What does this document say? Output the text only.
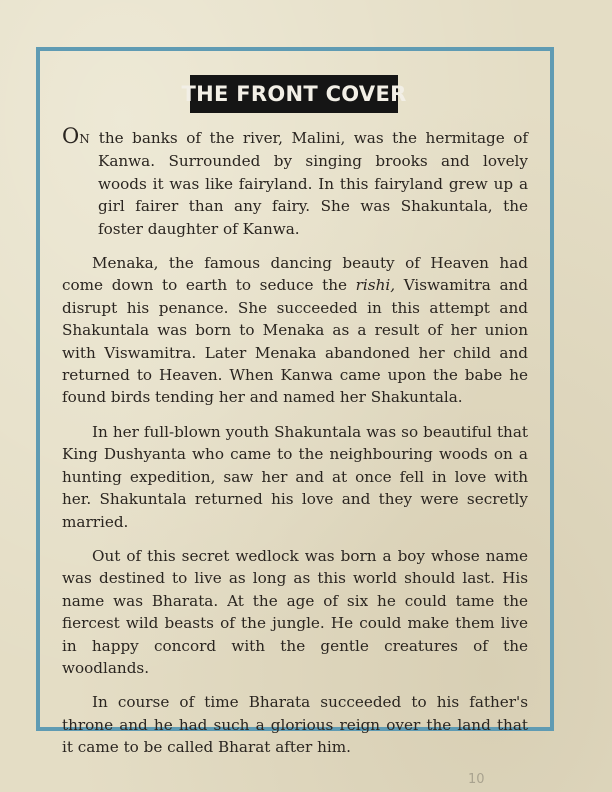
THE FRONT COVER

ON the banks of the river, Malini, was the hermitage of Kanwa. Surrounded by singing brooks and lovely woods it was like fairyland. In this fairyland grew up a girl fairer than any fairy. She was Shakuntala, the foster daughter of Kanwa.

Menaka, the famous dancing beauty of Heaven had come down to earth to seduce the rishi, Viswamitra and disrupt his penance. She succeeded in this attempt and Shakuntala was born to Menaka as a result of her union with Viswamitra. Later Menaka abandoned her child and returned to Heaven. When Kanwa came upon the babe he found birds tending her and named her Shakuntala.

In her full-blown youth Shakuntala was so beautiful that King Dushyanta who came to the neighbouring woods on a hunting expedition, saw her and at once fell in love with her. Shakuntala returned his love and they were secretly married.

Out of this secret wedlock was born a boy whose name was destined to live as long as this world should last. His name was Bharata. At the age of six he could tame the fiercest wild beasts of the jungle. He could make them live in happy concord with the gentle creatures of the woodlands.

In course of time Bharata succeeded to his father's throne and he had such a glorious reign over the land that it came to be called Bharat after him.

10
